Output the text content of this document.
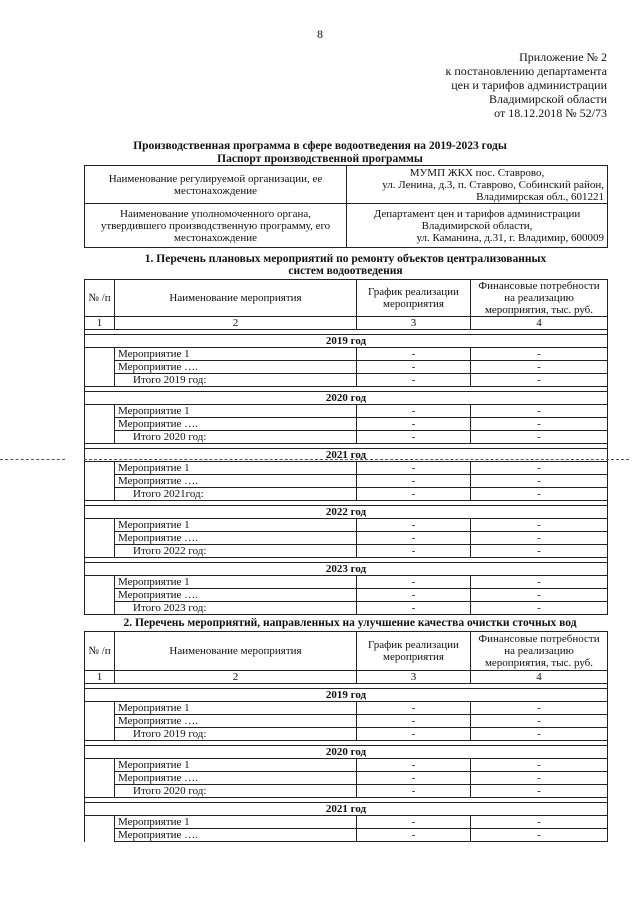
8
Приложение № 2
к постановлению департамента
цен и тарифов администрации
Владимирской области
от 18.12.2018 № 52/73
Производственная программа в сфере водоотведения на 2019-2023 годы
Паспорт производственной программы
Наименование регулируемой организации, ее местонахождение	МУМП ЖКХ пос. Ставрово,
ул. Ленина, д.3, п. Ставрово, Собинский район,
Владимирская обл., 601221

Наименование уполномоченного органа, утвердившего производственную программу, его местонахождение	Департамент цен и тарифов администрации
Владимирской области,
ул. Каманина, д.31, г. Владимир, 600009
1. Перечень плановых мероприятий по ремонту объектов централизованных
систем водоотведения
№ /п	Наименование мероприятия	График реализации мероприятия	Финансовые потребности на реализацию мероприятия, тыс. руб.
1	2	3	4

2019 год			
	Мероприятие 1	-	-
	Мероприятие ….	-	-
	Итого 2019 год:	-	-

2020 год			
	Мероприятие 1	-	-
	Мероприятие ….	-	-
	Итого 2020 год:	-	-

2021 год			
	Мероприятие 1	-	-
	Мероприятие ….	-	-
	Итого 2021год:	-	-

2022 год			
	Мероприятие 1	-	-
	Мероприятие ….	-	-
	Итого 2022 год:	-	-

2023 год			
	Мероприятие 1	-	-
	Мероприятие ….	-	-
	Итого 2023 год:	-	-
2. Перечень мероприятий, направленных на улучшение качества очистки сточных вод
№ /п	Наименование мероприятия	График реализации мероприятия	Финансовые потребности на реализацию мероприятия, тыс. руб.
1	2	3	4

2019 год			
	Мероприятие 1	-	-
	Мероприятие ….	-	-
	Итого 2019 год:	-	-

2020 год			
	Мероприятие 1	-	-
	Мероприятие ….	-	-
	Итого 2020 год:	-	-

2021 год			
	Мероприятие 1	-	-
	Мероприятие ….	-	-
